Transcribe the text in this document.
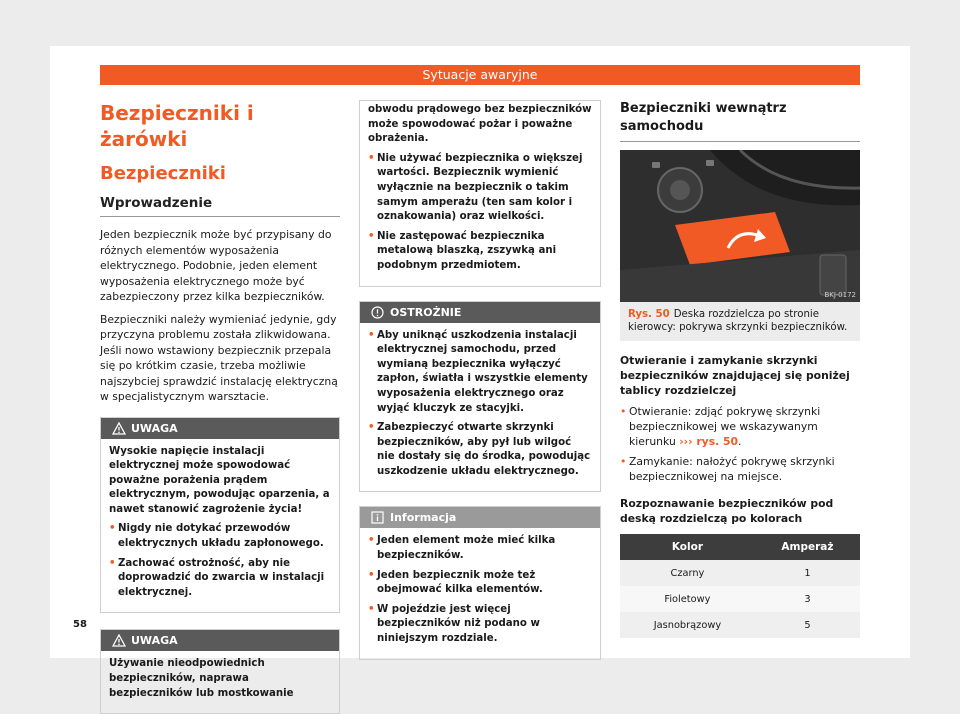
Sytuacje awaryjne
Bezpieczniki i żarówki
Bezpieczniki
Wprowadzenie

Jeden bezpiecznik może być przypisany do różnych elementów wyposażenia elektrycznego. Podobnie, jeden element wyposażenia elektrycznego może być zabezpieczony przez kilka bezpieczników.

Bezpieczniki należy wymieniać jedynie, gdy przyczyna problemu została zlikwidowana. Jeśli nowo wstawiony bezpiecznik przepala się po krótkim czasie, trzeba możliwie najszybciej sprawdzić instalację elektryczną w specjalistycznym warsztacie.

UWAGA

Wysokie napięcie instalacji elektrycznej może spowodować poważne porażenia prądem elektrycznym, powodując oparzenia, a nawet stanowić zagrożenie życia!

• Nigdy nie dotykać przewodów elektrycznych układu zapłonowego.
• Zachować ostrożność, aby nie doprowadzić do zwarcia w instalacji elektrycznej.
UWAGA

Używanie nieodpowiednich bezpieczników, naprawa bezpieczników lub mostkowanie

obwodu prądowego bez bezpieczników może spowodować pożar i poważne obrażenia.

• Nie używać bezpiecznika o większej wartości. Bezpiecznik wymienić wyłącznie na bezpiecznik o takim samym amperażu (ten sam kolor i oznakowania) oraz wielkości.
• Nie zastępować bezpiecznika metalową blaszką, zszywką ani podobnym przedmiotem.
OSTROŻNIE
• Aby uniknąć uszkodzenia instalacji elektrycznej samochodu, przed wymianą bezpiecznika wyłączyć zapłon, światła i wszystkie elementy wyposażenia elektrycznego oraz wyjąć kluczyk ze stacyjki.
• Zabezpieczyć otwarte skrzynki bezpieczników, aby pył lub wilgoć nie dostały się do środka, powodując uszkodzenie układu elektrycznego.
Informacja
• Jeden element może mieć kilka bezpieczników.
• Jeden bezpiecznik może też obejmować kilka elementów.
• W pojeździe jest więcej bezpieczników niż podano w niniejszym rozdziale.
Bezpieczniki wewnątrz samochodu
BKJ-0172
Rys. 50 Deska rozdzielcza po stronie kierowcy: pokrywa skrzynki bezpieczników.
Otwieranie i zamykanie skrzynki bezpieczników znajdującej się poniżej tablicy rozdzielczej
• Otwieranie: zdjąć pokrywę skrzynki bezpiecznikowej we wskazywanym kierunku ››› rys. 50.
• Zamykanie: nałożyć pokrywę skrzynki bezpiecznikowej na miejsce.
Rozpoznawanie bezpieczników pod deską rozdzielczą po kolorach
Kolor	Amperaż
Czarny	1
Fioletowy	3
Jasnobrązowy	5
58
